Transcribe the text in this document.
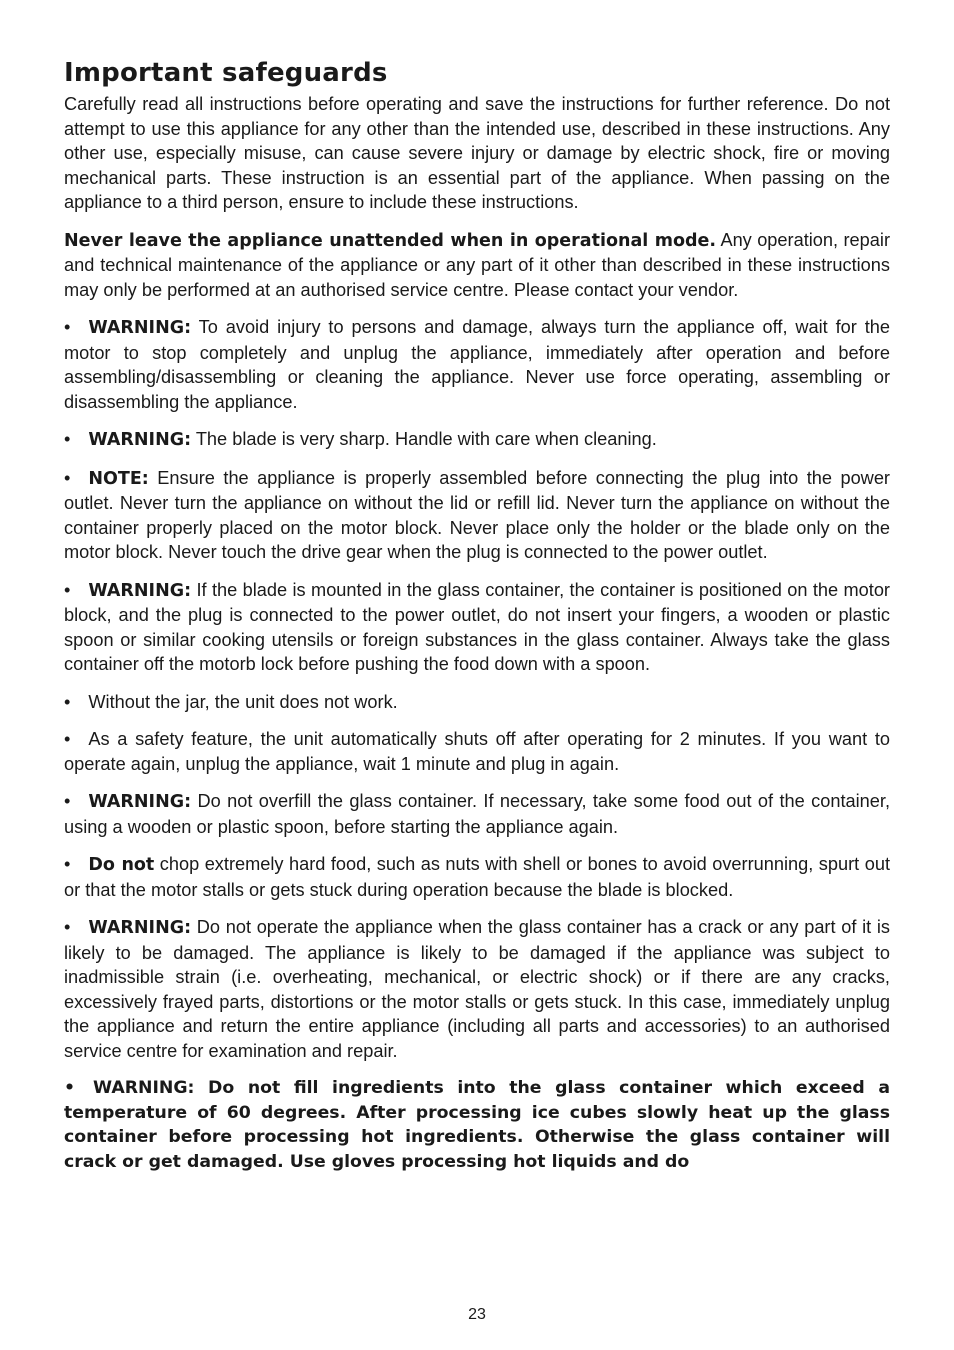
Important safeguards

Carefully read all instructions before operating and save the instructions for further reference. Do not attempt to use this appliance for any other than the intended use, described in these instructions. Any other use, especially misuse, can cause severe injury or damage by electric shock, fire or moving mechanical parts. These instruction is an essential part of the appliance. When passing on the appliance to a third person, ensure to include these instructions.

Never leave the appliance unattended when in operational mode. Any operation, repair and technical maintenance of the appliance or any part of it other than described in these instructions may only be performed at an authorised service centre. Please contact your vendor.

• WARNING: To avoid injury to persons and damage, always turn the appliance off, wait for the motor to stop completely and unplug the appliance, immediately after operation and before assembling/disassembling or cleaning the appliance. Never use force operating, assembling or disassembling the appliance.

• WARNING: The blade is very sharp. Handle with care when cleaning.

• NOTE: Ensure the appliance is properly assembled before connecting the plug into the power outlet. Never turn the appliance on without the lid or refill lid. Never turn the appliance on without the container properly placed on the motor block. Never place only the holder or the blade only on the motor block. Never touch the drive gear when the plug is connected to the power outlet.

• WARNING: If the blade is mounted in the glass container, the container is positioned on the motor block, and the plug is connected to the power outlet, do not insert your fingers, a wooden or plastic spoon or similar cooking utensils or foreign substances in the glass container. Always take the glass container off the motorb lock before pushing the food down with a spoon.

• Without the jar, the unit does not work.

• As a safety feature, the unit automatically shuts off after operating for 2 minutes. If you want to operate again, unplug the appliance, wait 1 minute and plug in again.

• WARNING: Do not overfill the glass container. If necessary, take some food out of the container, using a wooden or plastic spoon, before starting the appliance again.

• Do not chop extremely hard food, such as nuts with shell or bones to avoid overrunning, spurt out or that the motor stalls or gets stuck during operation because the blade is blocked.

• WARNING: Do not operate the appliance when the glass container has a crack or any part of it is likely to be damaged. The appliance is likely to be damaged if the appliance was subject to inadmissible strain (i.e. overheating, mechanical, or electric shock) or if there are any cracks, excessively frayed parts, distortions or the motor stalls or gets stuck. In this case, immediately unplug the appliance and return the entire appliance (including all parts and accessories) to an authorised service centre for examination and repair.

• WARNING: Do not fill ingredients into the glass container which exceed a temperature of 60 degrees. After processing ice cubes slowly heat up the glass container before processing hot ingredients. Otherwise the glass container will crack or get damaged. Use gloves processing hot liquids and do

23
